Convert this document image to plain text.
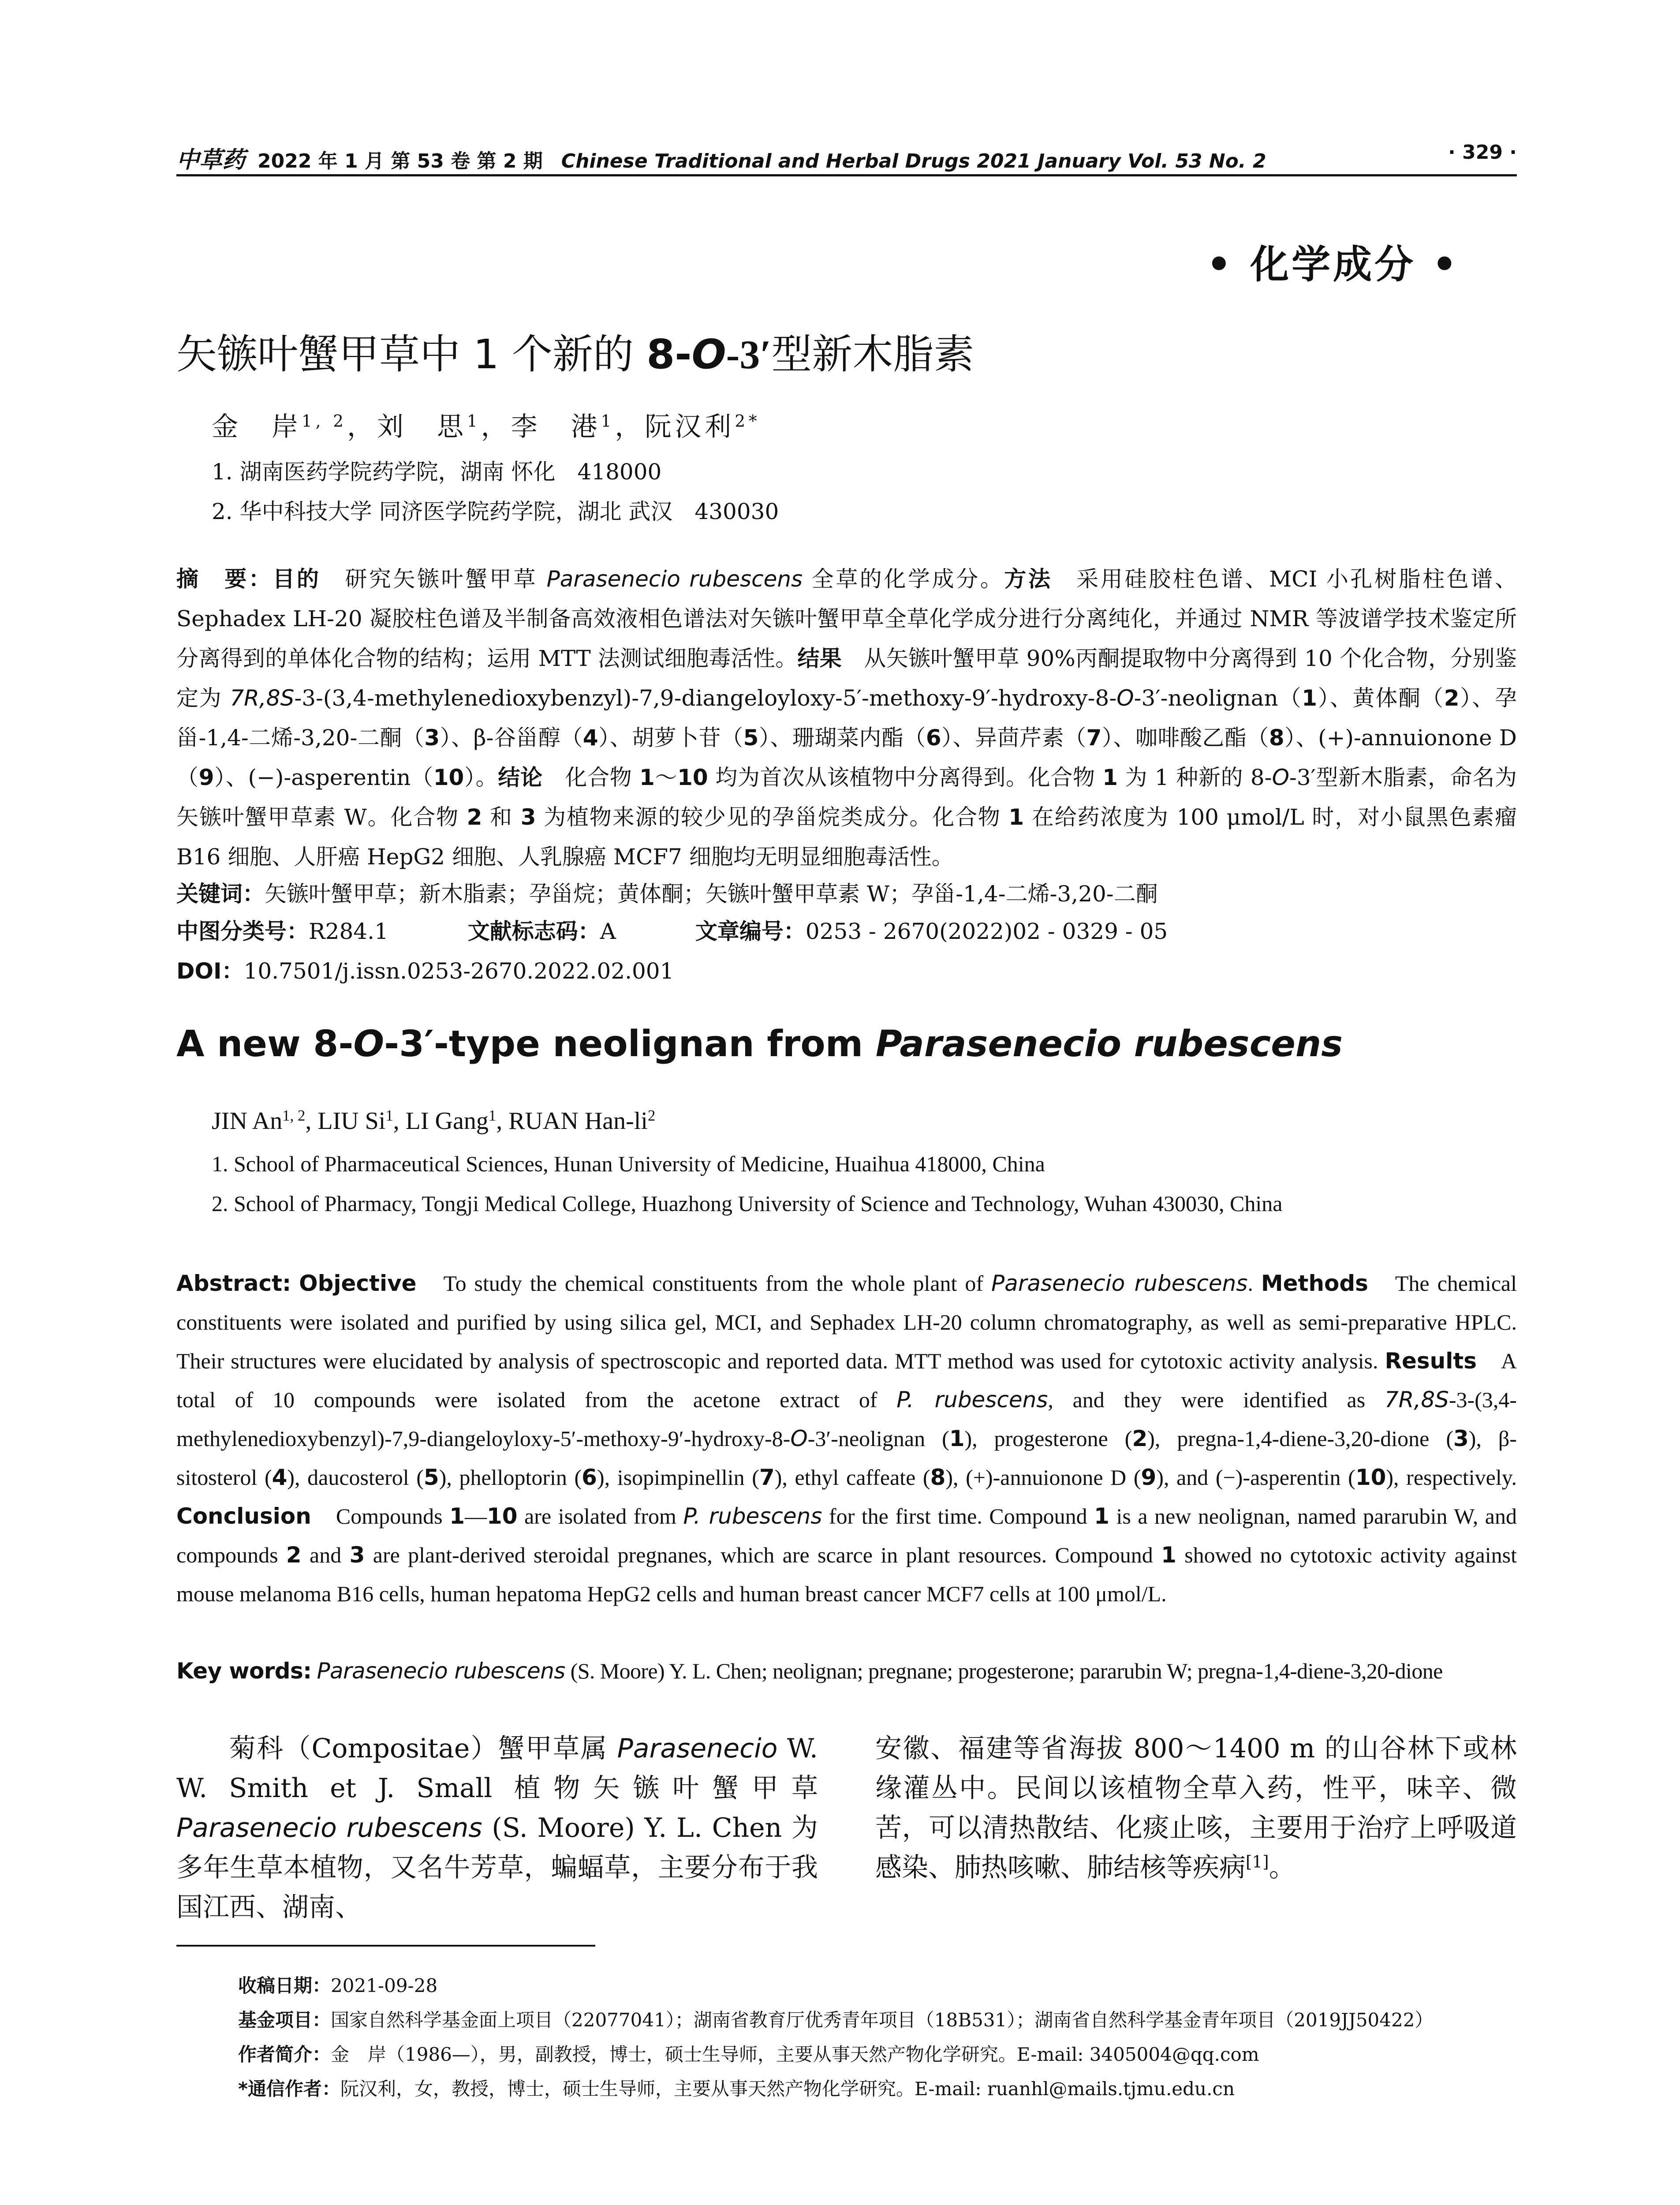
中草药 2022 年 1 月 第 53 卷 第 2 期 Chinese Traditional and Herbal Drugs 2021 January Vol. 53 No. 2	· 329 ·
• 化学成分 •
矢镞叶蟹甲草中 1 个新的 8-O-3′型新木脂素
金　岸$^{1, 2}$，刘　思$^1$，李　港$^1$，阮汉利$^{2*}$
1. 湖南医药学院药学院，湖南 怀化　418000
2. 华中科技大学 同济医学院药学院，湖北 武汉　430030
摘　要：目的　研究矢镞叶蟹甲草 Parasenecio rubescens 全草的化学成分。方法　采用硅胶柱色谱、MCI 小孔树脂柱色谱、Sephadex LH-20 凝胶柱色谱及半制备高效液相色谱法对矢镞叶蟹甲草全草化学成分进行分离纯化，并通过 NMR 等波谱学技术鉴定所分离得到的单体化合物的结构；运用 MTT 法测试细胞毒活性。结果　从矢镞叶蟹甲草 90%丙酮提取物中分离得到 10 个化合物，分别鉴定为 7R,8S-3-(3,4-methylenedioxybenzyl)-7,9-diangeloyloxy-5′-methoxy-9′-hydroxy-8-O-3′-neolignan（1）、黄体酮（2）、孕甾-1,4-二烯-3,20-二酮（3）、β-谷甾醇（4）、胡萝卜苷（5）、珊瑚菜内酯（6）、异茴芹素（7）、咖啡酸乙酯（8）、(+)-annuionone D（9）、(−)-asperentin（10）。结论　化合物 1～10 均为首次从该植物中分离得到。化合物 1 为 1 种新的 8-O-3′型新木脂素，命名为矢镞叶蟹甲草素 W。化合物 2 和 3 为植物来源的较少见的孕甾烷类成分。化合物 1 在给药浓度为 100 μmol/L 时，对小鼠黑色素瘤 B16 细胞、人肝癌 HepG2 细胞、人乳腺癌 MCF7 细胞均无明显细胞毒活性。
关键词：矢镞叶蟹甲草；新木脂素；孕甾烷；黄体酮；矢镞叶蟹甲草素 W；孕甾-1,4-二烯-3,20-二酮
中图分类号：R284.1	文献标志码：A	文章编号：0253 - 2670(2022)02 - 0329 - 05
DOI：10.7501/j.issn.0253-2670.2022.02.001
A new 8-O-3′-type neolignan from Parasenecio rubescens
JIN An$^{1, 2}$, LIU Si$^1$, LI Gang$^1$, RUAN Han-$li^2$
1. School of Pharmaceutical Sciences, Hunan University of Medicine, Huaihua 418000, China
2. School of Pharmacy, Tongji Medical College, Huazhong University of Science and Technology, Wuhan 430030, China
Abstract: Objective　To study the chemical constituents from the whole plant of Parasenecio rubescens. Methods　The chemical constituents were isolated and purified by using silica gel, MCI, and Sephadex LH-20 column chromatography, as well as semi-preparative HPLC. Their structures were elucidated by analysis of spectroscopic and reported data. MTT method was used for cytotoxic activity analysis. Results　A total of 10 compounds were isolated from the acetone extract of P. rubescens, and they were identified as 7R,8S-3-(3,4-methylenedioxybenzyl)-7,9-diangeloyloxy-5′-methoxy-9′-hydroxy-8-O-3′-neolignan (1), progesterone (2), pregna-1,4-diene-3,20-dione (3), β-sitosterol (4), daucosterol (5), phelloptorin (6), isopimpinellin (7), ethyl caffeate (8), (+)-annuionone D (9), and (−)-asperentin (10), respectively. Conclusion　Compounds 1—10 are isolated from P. rubescens for the first time. Compound 1 is a new neolignan, named pararubin W, and compounds 2 and 3 are plant-derived steroidal pregnanes, which are scarce in plant resources. Compound 1 showed no cytotoxic activity against mouse melanoma B16 cells, human hepatoma HepG2 cells and human breast cancer MCF7 cells at 100 μmol/L.
Key words: Parasenecio rubescens (S. Moore) Y. L. Chen; neolignan; pregnane; progesterone; pararubin W; pregna-1,4-diene-3,20-dione
菊科（Compositae）蟹甲草属 Parasenecio W. W. Smith et J. Small 植物矢镞叶蟹甲草 Parasenecio rubescens (S. Moore) Y. L. Chen 为多年生草本植物，又名牛芳草，蝙蝠草，主要分布于我国江西、湖南、
安徽、福建等省海拔 800～1400 m 的山谷林下或林缘灌丛中。民间以该植物全草入药，性平，味辛、微苦，可以清热散结、化痰止咳，主要用于治疗上呼吸道感染、肺热咳嗽、肺结核等疾病[1]。
收稿日期：2021-09-28
基金项目：国家自然科学基金面上项目（22077041）；湖南省教育厅优秀青年项目（18B531）；湖南省自然科学基金青年项目（2019JJ50422）
作者简介：金　岸（1986—），男，副教授，博士，硕士生导师，主要从事天然产物化学研究。E-mail: 3405004@qq.com
*通信作者：阮汉利，女，教授，博士，硕士生导师，主要从事天然产物化学研究。E-mail: ruanhl@mails.tjmu.edu.cn
